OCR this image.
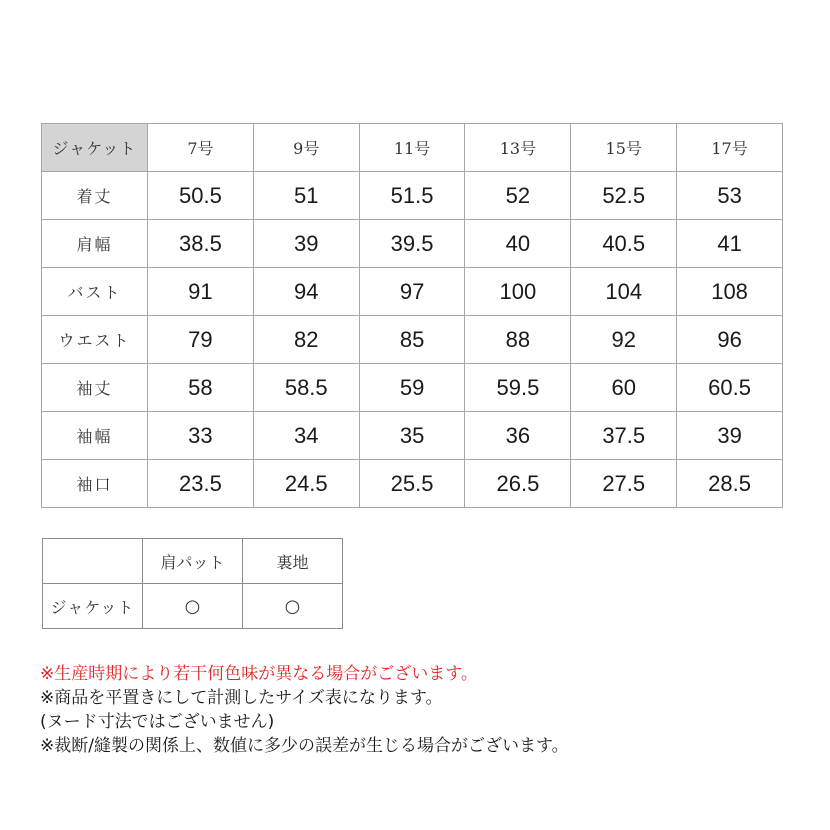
ジャケット	7号	9号	11号	13号	15号	17号
着丈	50.5	51	51.5	52	52.5	53
肩幅	38.5	39	39.5	40	40.5	41
バスト	91	94	97	100	104	108
ウエスト	79	82	85	88	92	96
袖丈	58	58.5	59	59.5	60	60.5
袖幅	33	34	35	36	37.5	39
袖口	23.5	24.5	25.5	26.5	27.5	28.5
	肩パット	裏地
ジャケット	○	○
※生産時期により若干何色味が異なる場合がございます。
※商品を平置きにして計測したサイズ表になります。
(ヌード寸法ではございません)
※裁断/縫製の関係上、数値に多少の誤差が生じる場合がございます。
